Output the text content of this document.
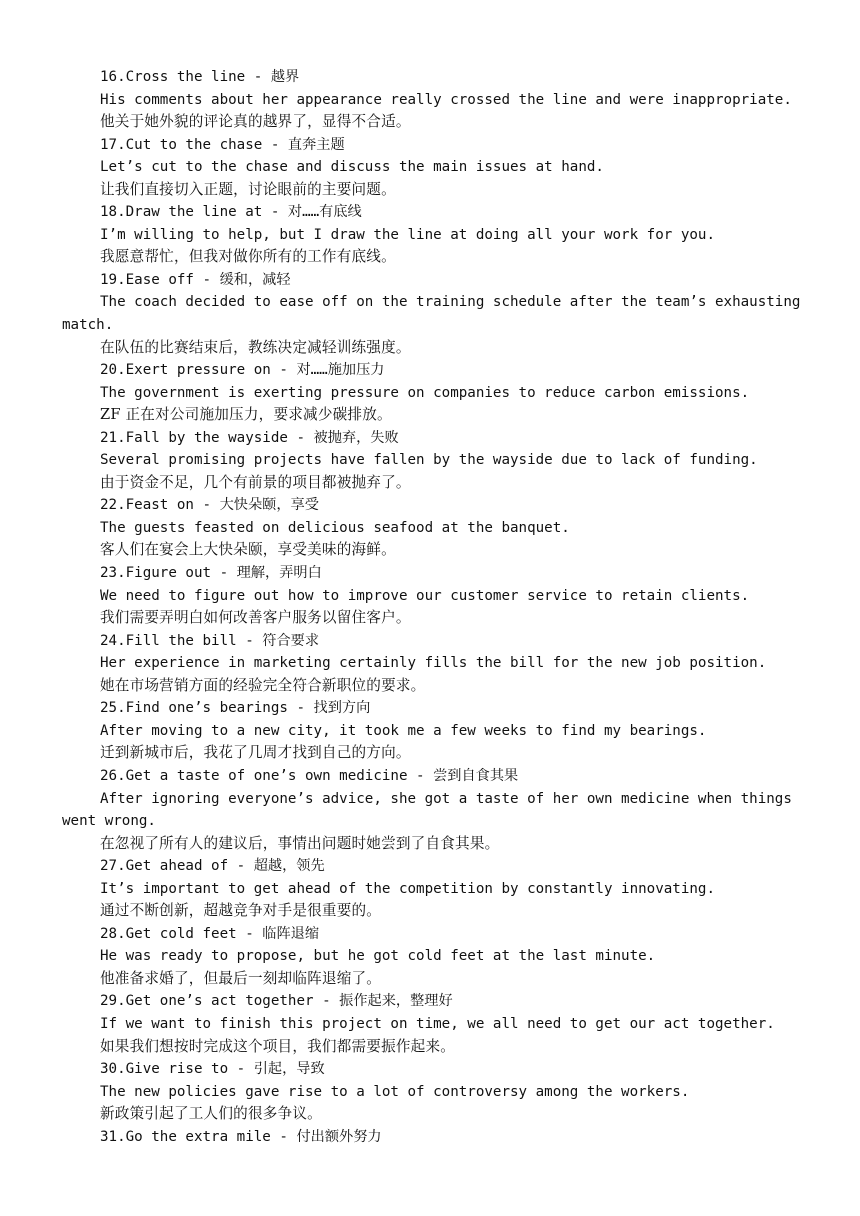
16.Cross the line - 越界
His comments about her appearance really crossed the line and were inappropriate.
他关于她外貌的评论真的越界了，显得不合适。
17.Cut to the chase - 直奔主题
Let’s cut to the chase and discuss the main issues at hand.
让我们直接切入正题，讨论眼前的主要问题。
18.Draw the line at - 对……有底线
I’m willing to help, but I draw the line at doing all your work for you.
我愿意帮忙，但我对做你所有的工作有底线。
19.Ease off - 缓和，减轻
The coach decided to ease off on the training schedule after the team’s exhausting
match.
在队伍的比赛结束后，教练决定减轻训练强度。
20.Exert pressure on - 对……施加压力
The government is exerting pressure on companies to reduce carbon emissions.
ZF 正在对公司施加压力，要求减少碳排放。
21.Fall by the wayside - 被抛弃，失败
Several promising projects have fallen by the wayside due to lack of funding.
由于资金不足，几个有前景的项目都被抛弃了。
22.Feast on - 大快朵颐，享受
The guests feasted on delicious seafood at the banquet.
客人们在宴会上大快朵颐，享受美味的海鲜。
23.Figure out - 理解，弄明白
We need to figure out how to improve our customer service to retain clients.
我们需要弄明白如何改善客户服务以留住客户。
24.Fill the bill - 符合要求
Her experience in marketing certainly fills the bill for the new job position.
她在市场营销方面的经验完全符合新职位的要求。
25.Find one’s bearings - 找到方向
After moving to a new city, it took me a few weeks to find my bearings.
迁到新城市后，我花了几周才找到自己的方向。
26.Get a taste of one’s own medicine - 尝到自食其果
After ignoring everyone’s advice, she got a taste of her own medicine when things
went wrong.
在忽视了所有人的建议后，事情出问题时她尝到了自食其果。
27.Get ahead of - 超越，领先
It’s important to get ahead of the competition by constantly innovating.
通过不断创新，超越竞争对手是很重要的。
28.Get cold feet - 临阵退缩
He was ready to propose, but he got cold feet at the last minute.
他准备求婚了，但最后一刻却临阵退缩了。
29.Get one’s act together - 振作起来，整理好
If we want to finish this project on time, we all need to get our act together.
如果我们想按时完成这个项目，我们都需要振作起来。
30.Give rise to - 引起，导致
The new policies gave rise to a lot of controversy among the workers.
新政策引起了工人们的很多争议。
31.Go the extra mile - 付出额外努力
